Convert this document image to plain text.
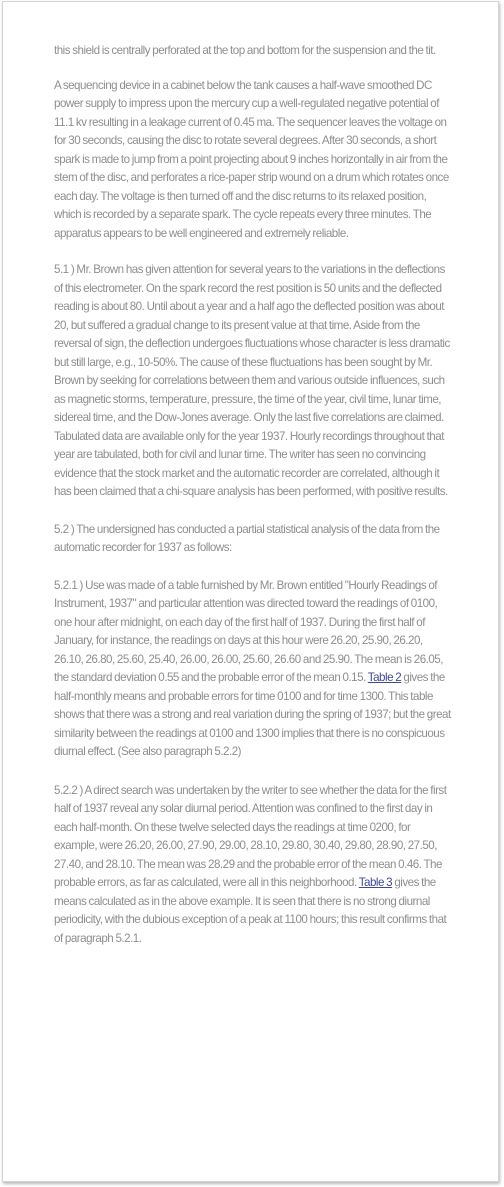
this shield is centrally perforated at the top and bottom for the suspension and the tit.

A sequencing device in a cabinet below the tank causes a half-wave smoothed DC power supply to impress upon the mercury cup a well-regulated negative potential of 11.1 kv resulting in a leakage current of 0.45 ma. The sequencer leaves the voltage on for 30 seconds, causing the disc to rotate several degrees. After 30 seconds, a short spark is made to jump from a point projecting about 9 inches horizontally in air from the stem of the disc, and perforates a rice-paper strip wound on a drum which rotates once each day. The voltage is then turned off and the disc returns to its relaxed position, which is recorded by a separate spark. The cycle repeats every three minutes. The apparatus appears to be well engineered and extremely reliable.

5.1 ) Mr. Brown has given attention for several years to the variations in the deflections of this electrometer. On the spark record the rest position is 50 units and the deflected reading is about 80. Until about a year and a half ago the deflected position was about 20, but suffered a gradual change to its present value at that time. Aside from the reversal of sign, the deflection undergoes fluctuations whose character is less dramatic but still large, e.g., 10-50%. The cause of these fluctuations has been sought by Mr. Brown by seeking for correlations between them and various outside influences, such as magnetic storms, temperature, pressure, the time of the year, civil time, lunar time, sidereal time, and the Dow-Jones average. Only the last five correlations are claimed. Tabulated data are available only for the year 1937. Hourly recordings throughout that year are tabulated, both for civil and lunar time. The writer has seen no convincing evidence that the stock market and the automatic recorder are correlated, although it has been claimed that a chi-square analysis has been performed, with positive results.

5.2 ) The undersigned has conducted a partial statistical analysis of the data from the automatic recorder for 1937 as follows:

5.2.1 ) Use was made of a table furnished by Mr. Brown entitled "Hourly Readings of Instrument, 1937" and particular attention was directed toward the readings of 0100, one hour after midnight, on each day of the first half of 1937. During the first half of January, for instance, the readings on days at this hour were 26.20, 25.90, 26.20, 26.10, 26.80, 25.60, 25.40, 26.00, 26.00, 25.60, 26.60 and 25.90. The mean is 26.05, the standard deviation 0.55 and the probable error of the mean 0.15. Table 2 gives the half-monthly means and probable errors for time 0100 and for time 1300. This table shows that there was a strong and real variation during the spring of 1937; but the great similarity between the readings at 0100 and 1300 implies that there is no conspicuous diurnal effect. (See also paragraph 5.2.2)

5.2.2 ) A direct search was undertaken by the writer to see whether the data for the first half of 1937 reveal any solar diurnal period. Attention was confined to the first day in each half-month. On these twelve selected days the readings at time 0200, for example, were 26.20, 26.00, 27.90, 29.00, 28.10, 29.80, 30.40, 29.80, 28.90, 27.50, 27.40, and 28.10. The mean was 28.29 and the probable error of the mean 0.46. The probable errors, as far as calculated, were all in this neighborhood. Table 3 gives the means calculated as in the above example. It is seen that there is no strong diurnal periodicity, with the dubious exception of a peak at 1100 hours; this result confirms that of paragraph 5.2.1.
